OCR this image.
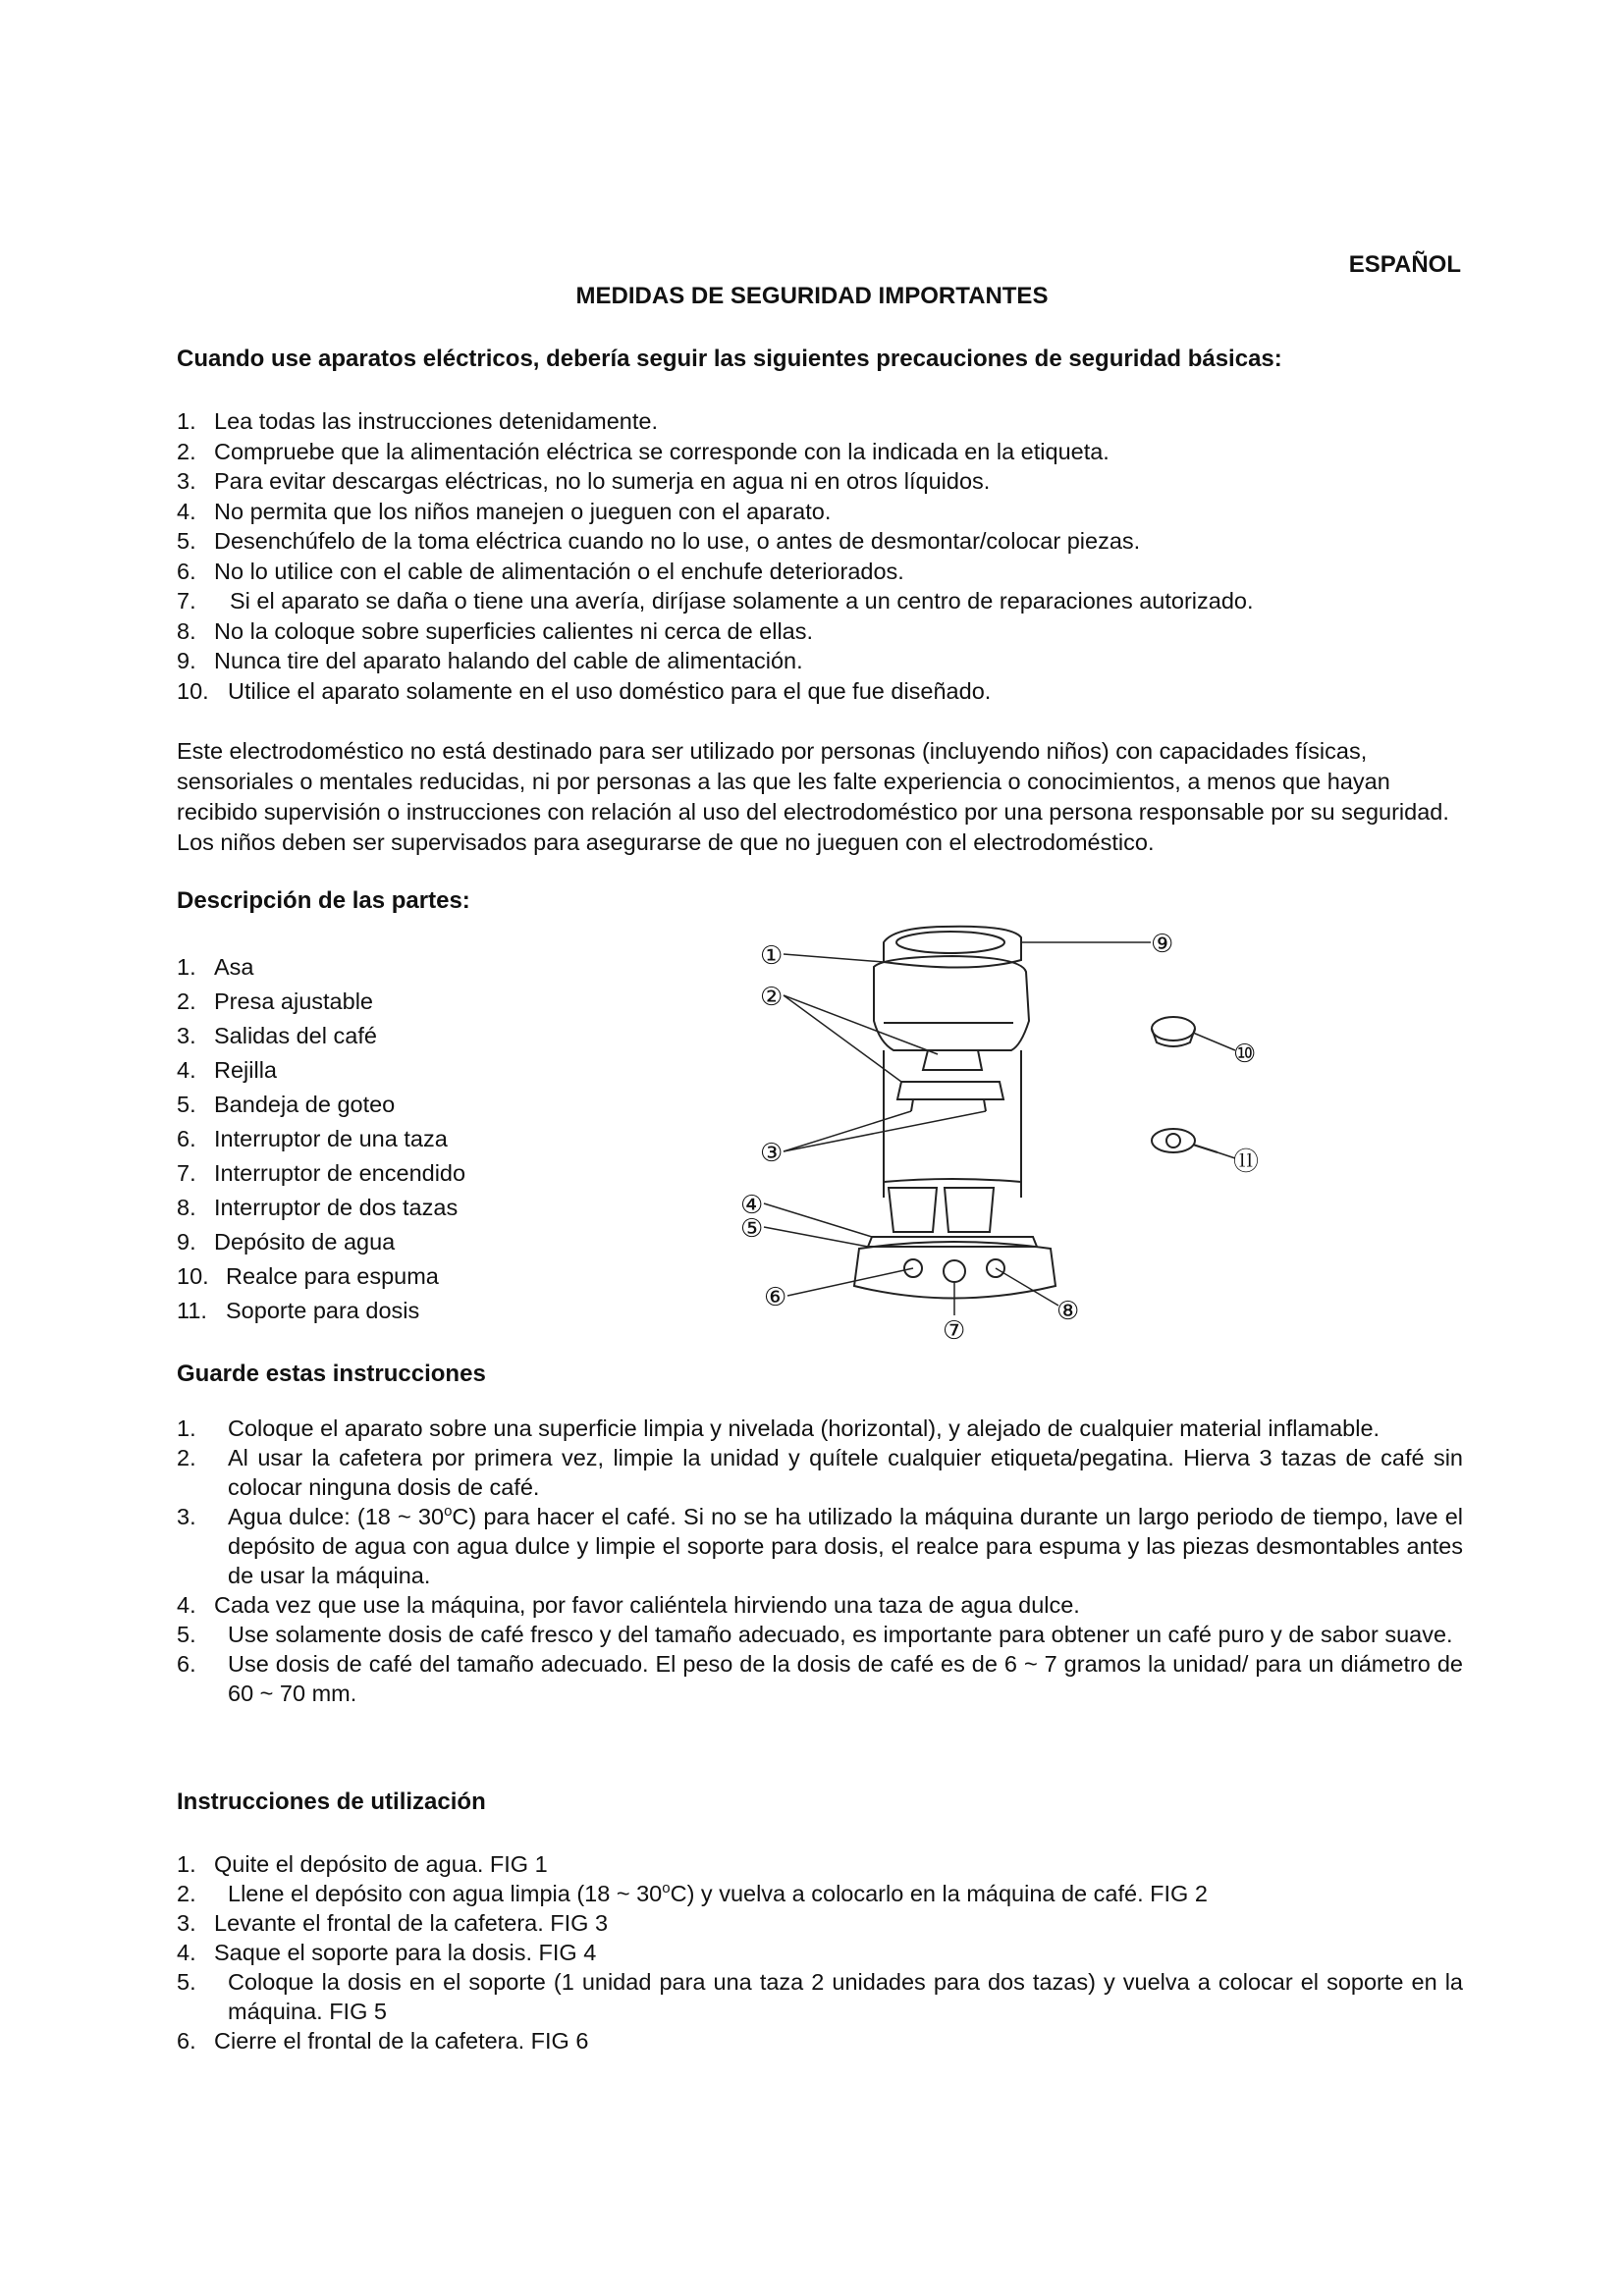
ESPAÑOL
MEDIDAS DE SEGURIDAD IMPORTANTES
Cuando use aparatos eléctricos, debería seguir las siguientes precauciones de seguridad básicas:
1. Lea todas las instrucciones detenidamente.
2. Compruebe que la alimentación eléctrica se corresponde con la indicada en la etiqueta.
3. Para evitar descargas eléctricas, no lo sumerja en agua ni en otros líquidos.
4. No permita que los niños manejen o jueguen con el aparato.
5. Desenchúfelo de la toma eléctrica cuando no lo use, o antes de desmontar/colocar piezas.
6. No lo utilice con el cable de alimentación o el enchufe deteriorados.
7.	Si el aparato se daña o tiene una avería, diríjase solamente a un centro de reparaciones autorizado.
8. No la coloque sobre superficies calientes ni cerca de ellas.
9. Nunca tire del aparato halando del cable de alimentación.
10. Utilice el aparato solamente en el uso doméstico para el que fue diseñado.
Este electrodoméstico no está destinado para ser utilizado por personas (incluyendo niños) con capacidades físicas, sensoriales o mentales reducidas, ni por personas a las que les falte experiencia o conocimientos, a menos que hayan recibido supervisión o instrucciones con relación al uso del electrodoméstico por una persona responsable por su seguridad. Los niños deben ser supervisados para asegurarse de que no jueguen con el electrodoméstico.
Descripción de las partes:
1. Asa
2. Presa ajustable
3. Salidas del café
4. Rejilla
5. Bandeja de goteo
6. Interruptor de una taza
7. Interruptor de encendido
8. Interruptor de dos tazas
9. Depósito de agua
10. Realce para espuma
11. Soporte para dosis
①
②
③
④
⑤
⑥
⑦
⑧
⑨
⑩
⑪
Guarde estas instrucciones
1.	Coloque el aparato sobre una superficie limpia y nivelada (horizontal), y alejado de cualquier material inflamable.
2.	Al usar la cafetera por primera vez, limpie la unidad y quítele cualquier etiqueta/pegatina. Hierva 3 tazas de café sin colocar ninguna dosis de café.
3.	Agua dulce: (18 ~ 30$^o$C) para hacer el café. Si no se ha utilizado la máquina durante un largo periodo de tiempo, lave el depósito de agua con agua dulce y limpie el soporte para dosis, el realce para espuma y las piezas desmontables antes de usar la máquina.
4. Cada vez que use la máquina, por favor caliéntela hirviendo una taza de agua dulce.
5.	Use solamente dosis de café fresco y del tamaño adecuado, es importante para obtener un café puro y de sabor suave.
6.	Use dosis de café del tamaño adecuado. El peso de la dosis de café es de 6 ~ 7 gramos la unidad/ para un diámetro de 60 ~ 70 mm.
Instrucciones de utilización
1. Quite el depósito de agua. FIG 1
2.	Llene el depósito con agua limpia (18 ~ 30$^o$C) y vuelva a colocarlo en la máquina de café. FIG 2
3. Levante el frontal de la cafetera. FIG 3
4. Saque el soporte para la dosis. FIG 4
5.	Coloque la dosis en el soporte (1 unidad para una taza 2 unidades para dos tazas) y vuelva a colocar el soporte en la máquina. FIG 5
6. Cierre el frontal de la cafetera. FIG 6
